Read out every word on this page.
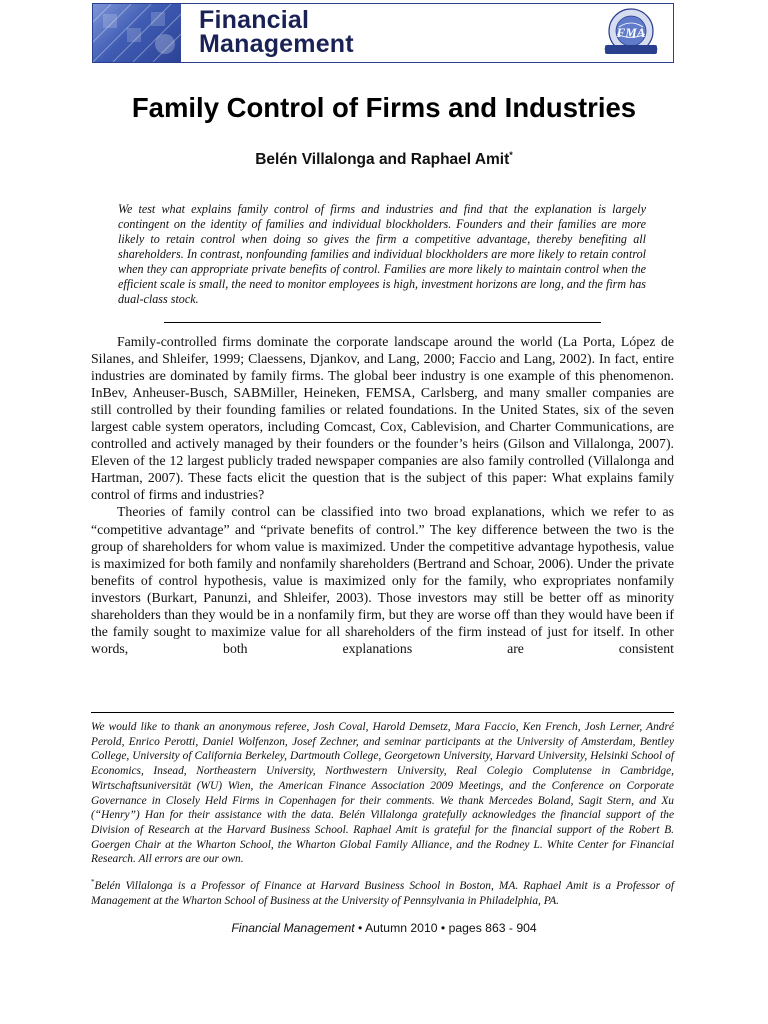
Financial
Management	FMA
Family Control of Firms and Industries
Belén Villalonga and Raphael Amit*

We test what explains family control of firms and industries and find that the explanation is largely contingent on the identity of families and individual blockholders. Founders and their families are more likely to retain control when doing so gives the firm a competitive advantage, thereby benefiting all shareholders. In contrast, nonfounding families and individual blockholders are more likely to retain control when they can appropriate private benefits of control. Families are more likely to maintain control when the efficient scale is small, the need to monitor employees is high, investment horizons are long, and the firm has dual-class stock.

Family-controlled firms dominate the corporate landscape around the world (La Porta, López de Silanes, and Shleifer, 1999; Claessens, Djankov, and Lang, 2000; Faccio and Lang, 2002). In fact, entire industries are dominated by family firms. The global beer industry is one example of this phenomenon. InBev, Anheuser-Busch, SABMiller, Heineken, FEMSA, Carlsberg, and many smaller companies are still controlled by their founding families or related foundations. In the United States, six of the seven largest cable system operators, including Comcast, Cox, Cablevision, and Charter Communications, are controlled and actively managed by their founders or the founder’s heirs (Gilson and Villalonga, 2007). Eleven of the 12 largest publicly traded newspaper companies are also family controlled (Villalonga and Hartman, 2007). These facts elicit the question that is the subject of this paper: What explains family control of firms and industries?

Theories of family control can be classified into two broad explanations, which we refer to as “competitive advantage” and “private benefits of control.” The key difference between the two is the group of shareholders for whom value is maximized. Under the competitive advantage hypothesis, value is maximized for both family and nonfamily shareholders (Bertrand and Schoar, 2006). Under the private benefits of control hypothesis, value is maximized only for the family, who expropriates nonfamily investors (Burkart, Panunzi, and Shleifer, 2003). Those investors may still be better off as minority shareholders than they would be in a nonfamily firm, but they are worse off than they would have been if the family sought to maximize value for all shareholders of the firm instead of just for itself. In other words, both explanations are consistent

We would like to thank an anonymous referee, Josh Coval, Harold Demsetz, Mara Faccio, Ken French, Josh Lerner, André Perold, Enrico Perotti, Daniel Wolfenzon, Josef Zechner, and seminar participants at the University of Amsterdam, Bentley College, University of California Berkeley, Dartmouth College, Georgetown University, Harvard University, Helsinki School of Economics, Insead, Northeastern University, Northwestern University, Real Colegio Complutense in Cambridge, Wirtschaftsuniversität (WU) Wien, the American Finance Association 2009 Meetings, and the Conference on Corporate Governance in Closely Held Firms in Copenhagen for their comments. We thank Mercedes Boland, Sagit Stern, and Xu (“Henry”) Han for their assistance with the data. Belén Villalonga gratefully acknowledges the financial support of the Division of Research at the Harvard Business School. Raphael Amit is grateful for the financial support of the Robert B. Goergen Chair at the Wharton School, the Wharton Global Family Alliance, and the Rodney L. White Center for Financial Research. All errors are our own.

*Belén Villalonga is a Professor of Finance at Harvard Business School in Boston, MA. Raphael Amit is a Professor of Management at the Wharton School of Business at the University of Pennsylvania in Philadelphia, PA.

Financial Management • Autumn 2010 • pages 863 - 904
